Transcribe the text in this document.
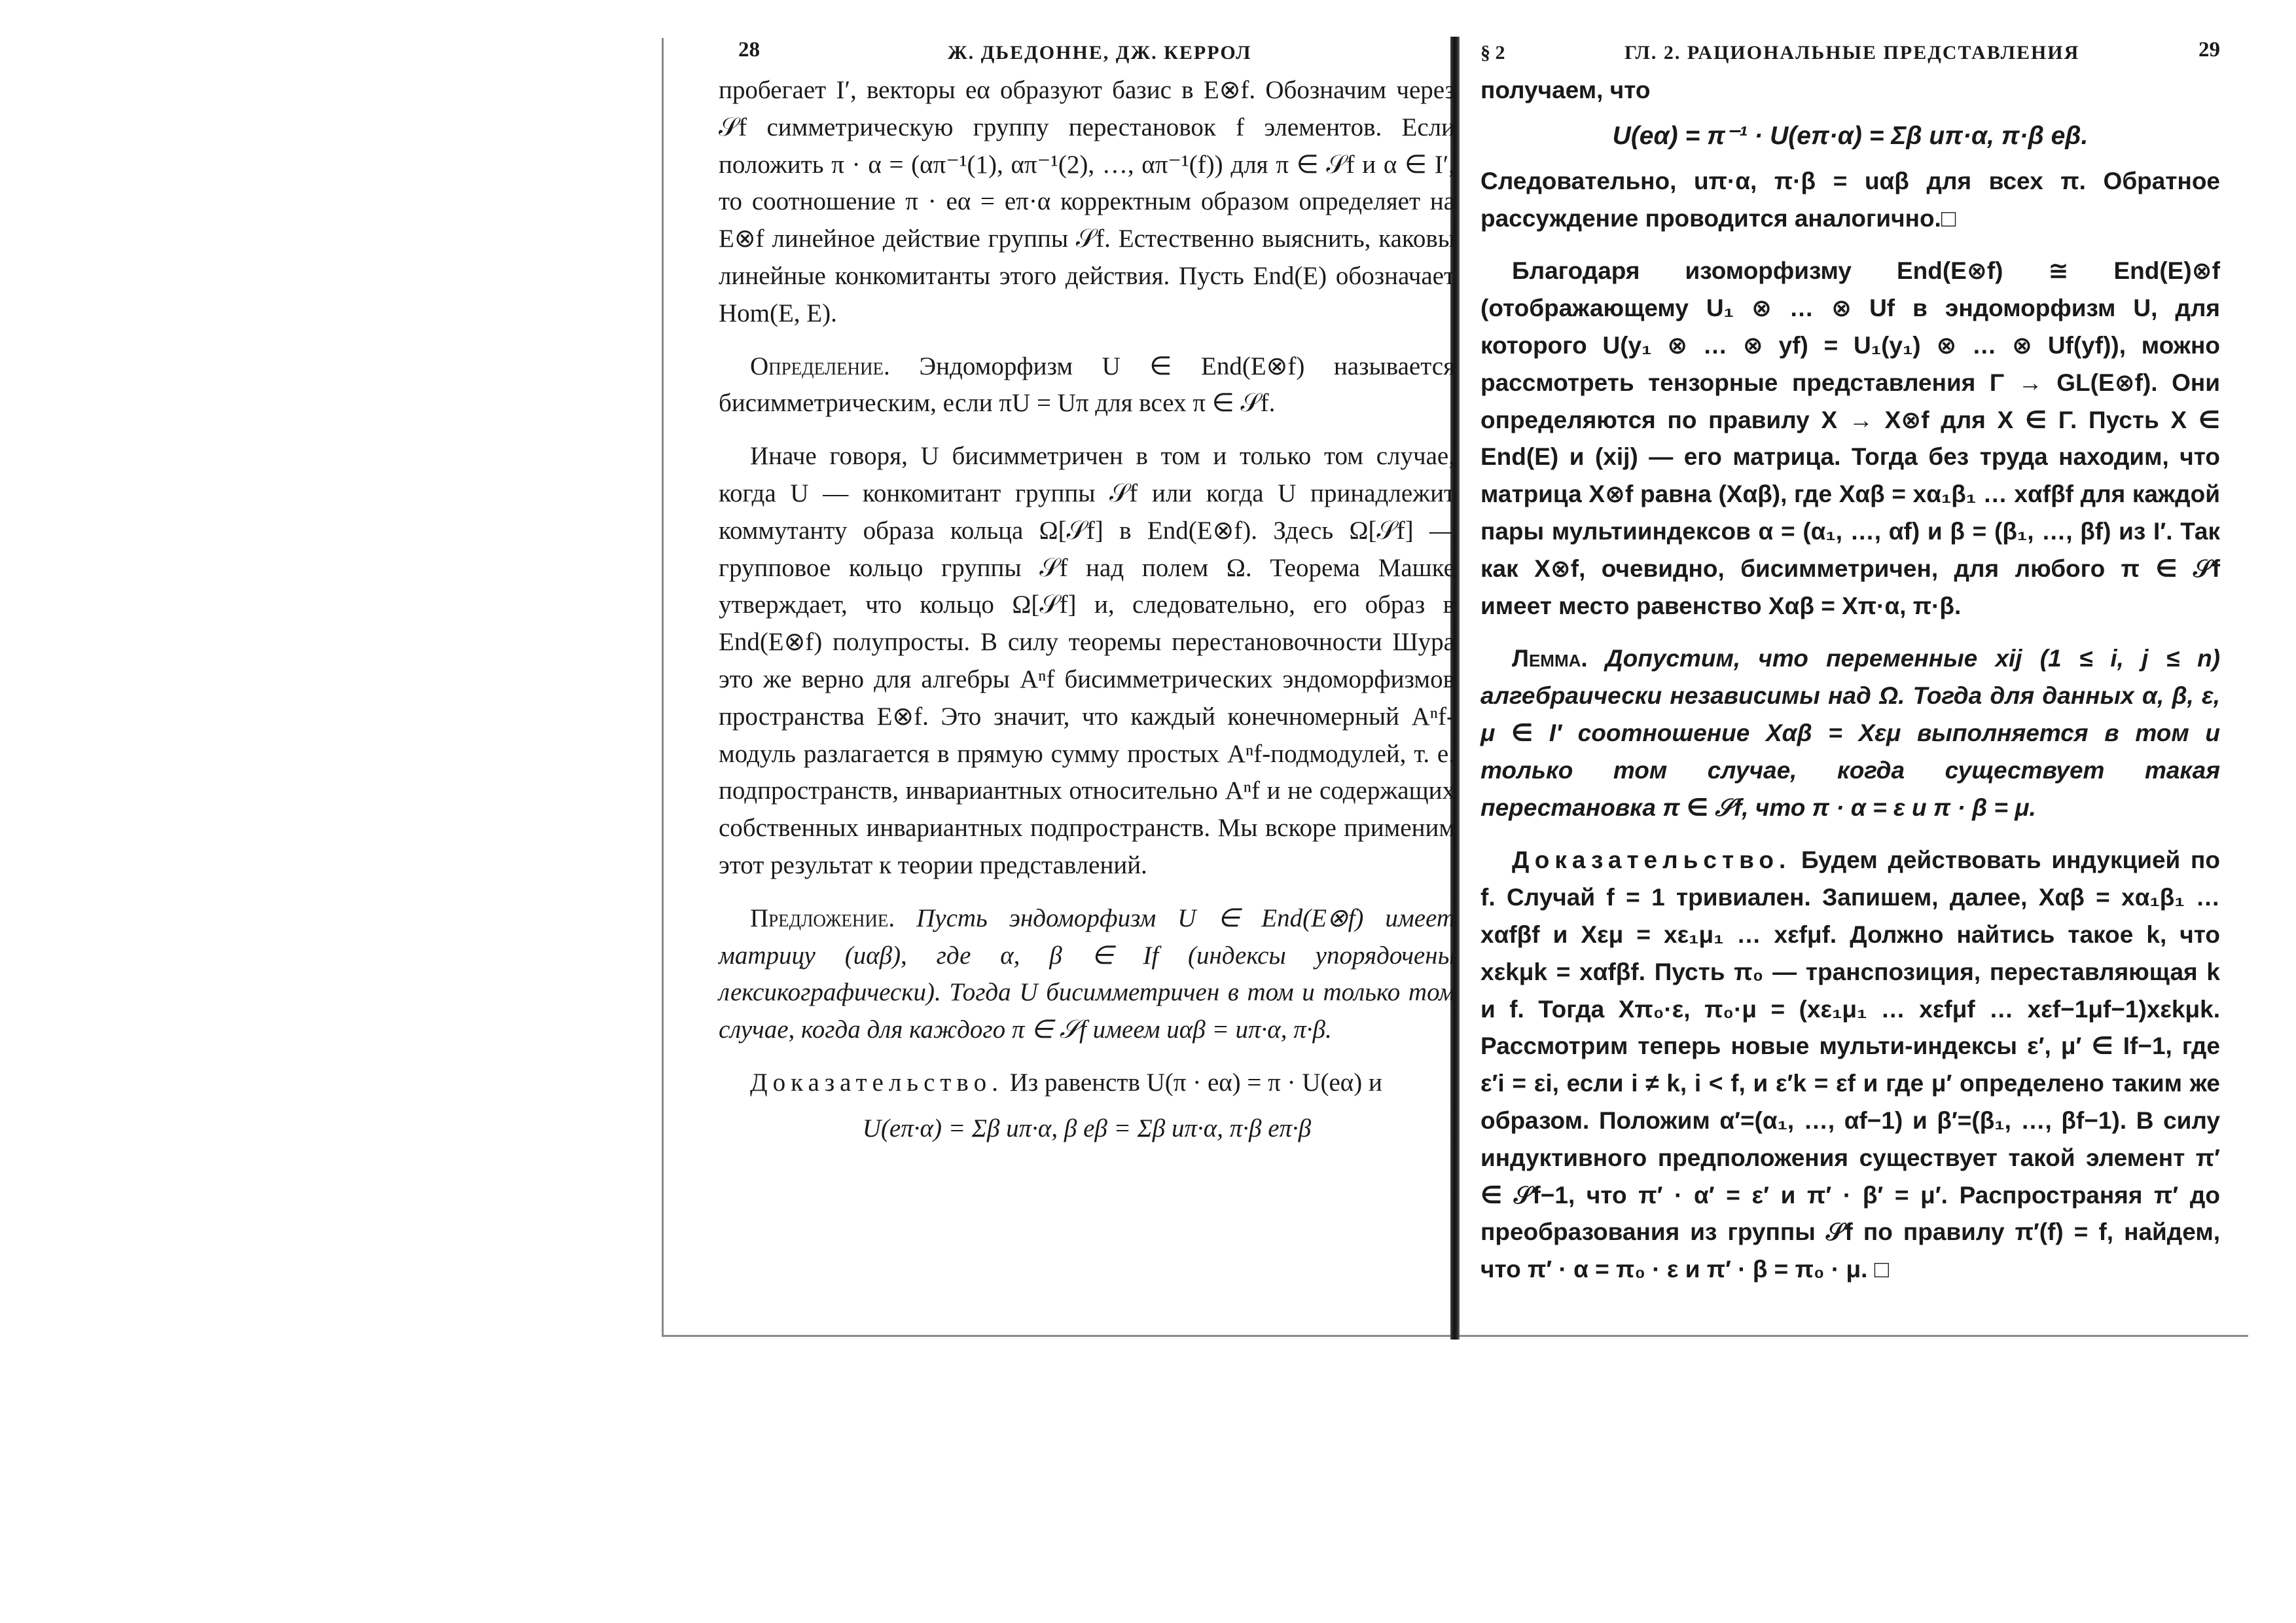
28	Ж. ДЬЕДОННЕ, ДЖ. КЕРРОЛ

пробегает I′, векторы eα образуют базис в E⊗f. Обозначим через 𝒮f симметрическую группу перестановок f элементов. Если положить π · α = (απ⁻¹(1), απ⁻¹(2), …, απ⁻¹(f)) для π ∈ 𝒮f и α ∈ I′, то соотношение π · eα = eπ·α корректным образом определяет на E⊗f линейное действие группы 𝒮f. Естественно выяснить, каковы линейные конкомитанты этого действия. Пусть End(E) обозначает Hom(E, E).

Определение. Эндоморфизм U ∈ End(E⊗f) называется бисимметрическим, если πU = Uπ для всех π ∈ 𝒮f.

Иначе говоря, U бисимметричен в том и только том случае, когда U — конкомитант группы 𝒮f или когда U принадлежит коммутанту образа кольца Ω[𝒮f] в End(E⊗f). Здесь Ω[𝒮f] — групповое кольцо группы 𝒮f над полем Ω. Теорема Машке утверждает, что кольцо Ω[𝒮f] и, следовательно, его образ в End(E⊗f) полупросты. В силу теоремы перестановочности Шура это же верно для алгебры Aⁿf бисимметрических эндоморфизмов пространства E⊗f. Это значит, что каждый конечномерный Aⁿf-модуль разлагается в прямую сумму простых Aⁿf-подмодулей, т. е. подпространств, инвариантных относительно Aⁿf и не содержащих собственных инвариантных подпространств. Мы вскоре применим этот результат к теории представлений.

Предложение. Пусть эндоморфизм U ∈ End(E⊗f) имеет матрицу (uαβ), где α, β ∈ If (индексы упорядочены лексикографически). Тогда U бисимметричен в том и только том случае, когда для каждого π ∈ 𝒮f имеем uαβ = uπ·α, π·β.

Доказательство. Из равенств U(π · eα) = π · U(eα) и

U(eπ·α) = Σβ uπ·α, β eβ = Σβ uπ·α, π·β eπ·β
§ 2	ГЛ. 2. РАЦИОНАЛЬНЫЕ ПРЕДСТАВЛЕНИЯ	29

получаем, что

U(eα) = π⁻¹ · U(eπ·α) = Σβ uπ·α, π·β eβ.

Следовательно, uπ·α, π·β = uαβ для всех π. Обратное рассуждение проводится аналогично.□

Благодаря изоморфизму End(E⊗f) ≅ End(E)⊗f (отображающему U₁ ⊗ … ⊗ Uf в эндоморфизм U, для которого U(y₁ ⊗ … ⊗ yf) = U₁(y₁) ⊗ … ⊗ Uf(yf)), можно рассмотреть тензорные представления Γ → GL(E⊗f). Они определяются по правилу X → X⊗f для X ∈ Γ. Пусть X ∈ End(E) и (xij) — его матрица. Тогда без труда находим, что матрица X⊗f равна (Xαβ), где Xαβ = xα₁β₁ … xαfβf для каждой пары мультииндексов α = (α₁, …, αf) и β = (β₁, …, βf) из I′. Так как X⊗f, очевидно, бисимметричен, для любого π ∈ 𝒮f имеет место равенство Xαβ = Xπ·α, π·β.

Лемма. Допустим, что переменные xij (1 ≤ i, j ≤ n) алгебраически независимы над Ω. Тогда для данных α, β, ε, μ ∈ I′ соотношение Xαβ = Xεμ выполняется в том и только том случае, когда существует такая перестановка π ∈ 𝒮f, что π · α = ε и π · β = μ.

Доказательство. Будем действовать индукцией по f. Случай f = 1 тривиален. Запишем, далее, Xαβ = xα₁β₁ … xαfβf и Xεμ = xε₁μ₁ … xεfμf. Должно найтись такое k, что xεkμk = xαfβf. Пусть π₀ — транспозиция, переставляющая k и f. Тогда Xπ₀·ε, π₀·μ = (xε₁μ₁ … xεfμf … xεf−1μf−1)xεkμk. Рассмотрим теперь новые мульти-индексы ε′, μ′ ∈ If−1, где ε′i = εi, если i ≠ k, i < f, и ε′k = εf и где μ′ определено таким же образом. Положим α′=(α₁, …, αf−1) и β′=(β₁, …, βf−1). В силу индуктивного предположения существует такой элемент π′ ∈ 𝒮f−1, что π′ · α′ = ε′ и π′ · β′ = μ′. Распространяя π′ до преобразования из группы 𝒮f по правилу π′(f) = f, найдем, что π′ · α = π₀ · ε и π′ · β = π₀ · μ. □
